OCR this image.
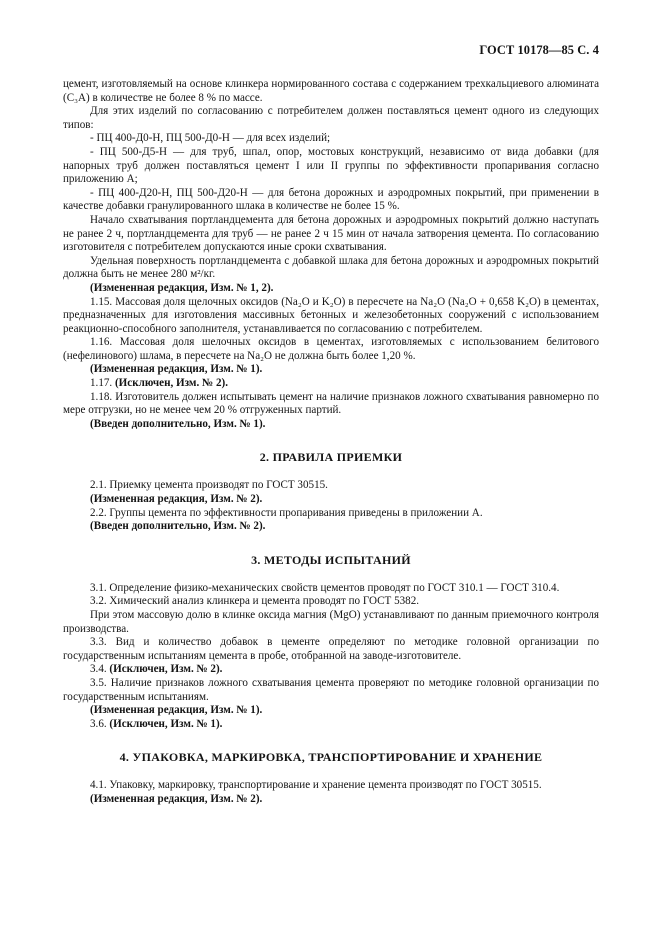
ГОСТ 10178—85 С. 4

цемент, изготовляемый на основе клинкера нормированного состава с содержанием трехкальциевого алюмината (C₃A) в количестве не более 8 % по массе.

Для этих изделий по согласованию с потребителем должен поставляться цемент одного из следующих типов:

- ПЦ 400-Д0-Н, ПЦ 500-Д0-Н — для всех изделий;

- ПЦ 500-Д5-Н — для труб, шпал, опор, мостовых конструкций, независимо от вида добавки (для напорных труб должен поставляться цемент I или II группы по эффективности пропаривания согласно приложению А;

- ПЦ 400-Д20-Н, ПЦ 500-Д20-Н — для бетона дорожных и аэродромных покрытий, при применении в качестве добавки гранулированного шлака в количестве не более 15 %.

Начало схватывания портландцемента для бетона дорожных и аэродромных покрытий должно наступать не ранее 2 ч, портландцемента для труб — не ранее 2 ч 15 мин от начала затворения цемента. По согласованию изготовителя с потребителем допускаются иные сроки схватывания.

Удельная поверхность портландцемента с добавкой шлака для бетона дорожных и аэродромных покрытий должна быть не менее 280 м²/кг.

(Измененная редакция, Изм. № 1, 2).

1.15. Массовая доля щелочных оксидов (Na₂O и K₂O) в пересчете на Na₂O (Na₂O + 0,658 K₂O) в цементах, предназначенных для изготовления массивных бетонных и железобетонных сооружений с использованием реакционно-способного заполнителя, устанавливается по согласованию с потребителем.

1.16. Массовая доля шелочных оксидов в цементах, изготовляемых с использованием белитового (нефелинового) шлама, в пересчете на Na₂O не должна быть более 1,20 %.

(Измененная редакция, Изм. № 1).

1.17. (Исключен, Изм. № 2).

1.18. Изготовитель должен испытывать цемент на наличие признаков ложного схватывания равномерно по мере отгрузки, но не менее чем 20 % отгруженных партий.

(Введен дополнительно, Изм. № 1).

2. ПРАВИЛА ПРИЕМКИ

2.1. Приемку цемента производят по ГОСТ 30515.

(Измененная редакция, Изм. № 2).

2.2. Группы цемента по эффективности пропаривания приведены в приложении А.

(Введен дополнительно, Изм. № 2).

3. МЕТОДЫ ИСПЫТАНИЙ

3.1. Определение физико-механических свойств цементов проводят по ГОСТ 310.1 — ГОСТ 310.4.

3.2. Химический анализ клинкера и цемента проводят по ГОСТ 5382.

При этом массовую долю в клинке оксида магния (MgO) устанавливают по данным приемочного контроля производства.

3.3. Вид и количество добавок в цементе определяют по методике головной организации по государственным испытаниям цемента в пробе, отобранной на заводе-изготовителе.

3.4. (Исключен, Изм. № 2).

3.5. Наличие признаков ложного схватывания цемента проверяют по методике головной организации по государственным испытаниям.

(Измененная редакция, Изм. № 1).

3.6. (Исключен, Изм. № 1).

4. УПАКОВКА, МАРКИРОВКА, ТРАНСПОРТИРОВАНИЕ И ХРАНЕНИЕ

4.1. Упаковку, маркировку, транспортирование и хранение цемента производят по ГОСТ 30515.

(Измененная редакция, Изм. № 2).
